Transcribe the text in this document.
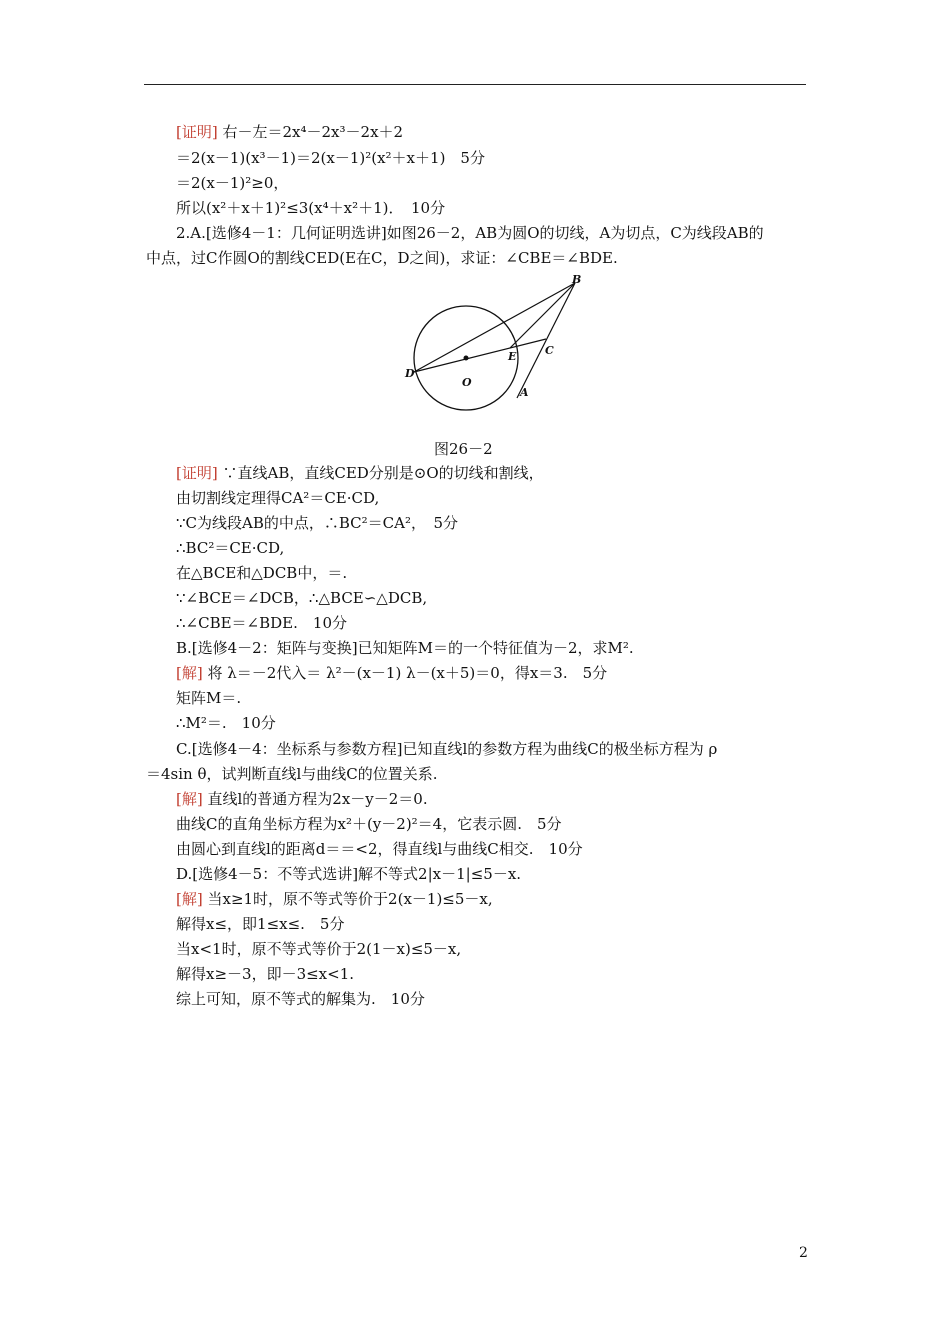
[证明] 右－左＝2x⁴－2x³－2x＋2
＝2(x－1)(x³－1)＝2(x－1)²(x²＋x＋1)　5分
＝2(x－1)²≥0，
所以(x²＋x＋1)²≤3(x⁴＋x²＋1)．　10分
2.A.[选修4－1：几何证明选讲]如图26－2，AB为圆O的切线，A为切点，C为线段AB的
中点，过C作圆O的割线CED(E在C，D之间)，求证：∠CBE＝∠BDE.
[证明] ∵直线AB，直线CED分别是⊙O的切线和割线，
由切割线定理得CA²＝CE·CD,
∵C为线段AB的中点，∴BC²＝CA²，　5分
∴BC²＝CE·CD,
在△BCE和△DCB中，＝.
∵∠BCE＝∠DCB，∴△BCE∽△DCB,
∴∠CBE＝∠BDE.　10分
B.[选修4－2：矩阵与变换]已知矩阵M＝的一个特征值为－2，求M².
[解] 将 λ＝－2代入＝ λ²－(x－1) λ－(x＋5)＝0，得x＝3.　5分
矩阵M＝.
∴M²＝.　10分
C.[选修4－4：坐标系与参数方程]已知直线l的参数方程为曲线C的极坐标方程为 ρ
＝4sin θ，试判断直线l与曲线C的位置关系.
[解] 直线l的普通方程为2x－y－2＝0.
曲线C的直角坐标方程为x²＋(y－2)²＝4，它表示圆.　5分
由圆心到直线l的距离d＝＝<2，得直线l与曲线C相交.　10分
D.[选修4－5：不等式选讲]解不等式2|x－1|≤5－x.
[解] 当x≥1时，原不等式等价于2(x－1)≤5－x,
解得x≤，即1≤x≤.　5分
当x<1时，原不等式等价于2(1－x)≤5－x,
解得x≥－3，即－3≤x<1.
综上可知，原不等式的解集为.　10分
B
C
E
D
O
A
图26－2
2
